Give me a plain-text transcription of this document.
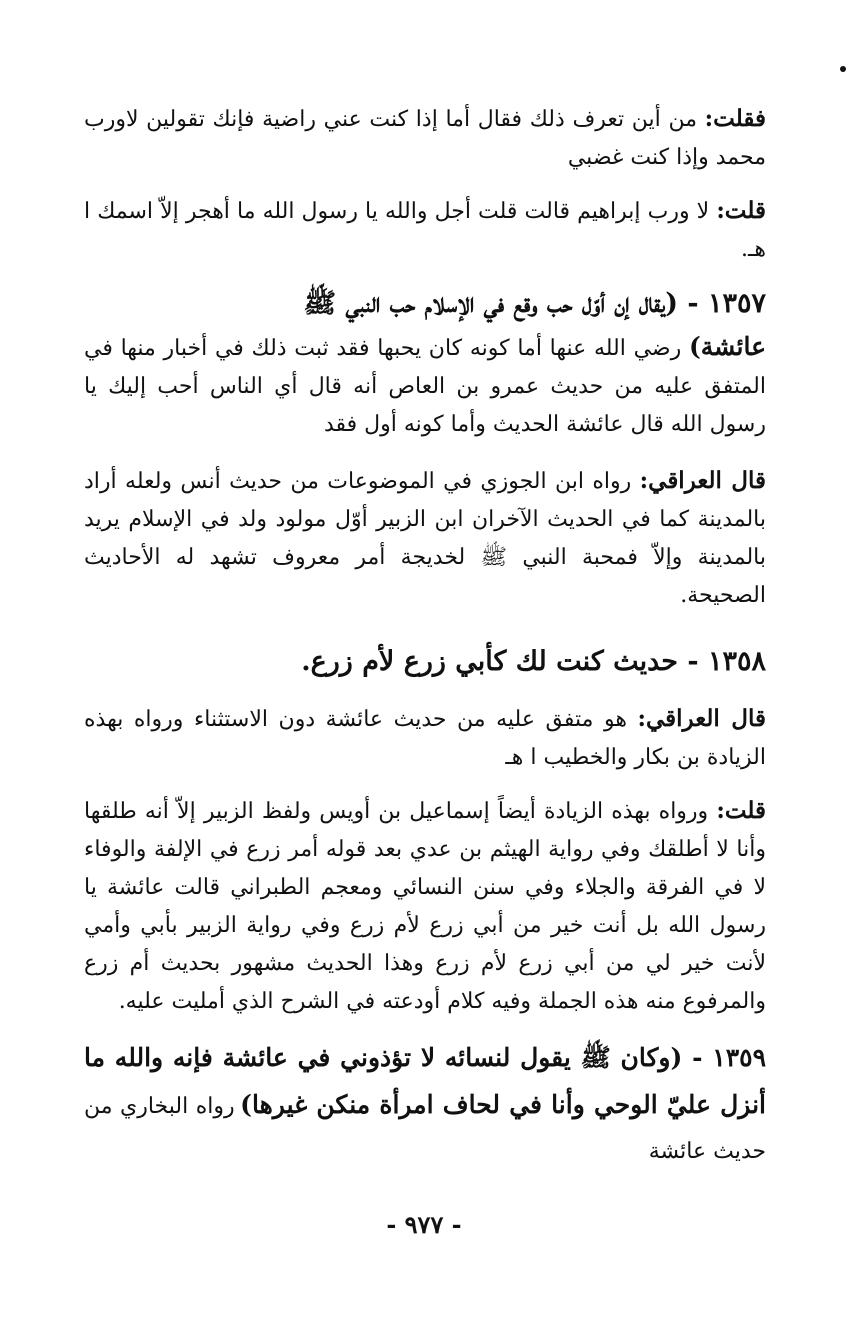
فقلت: من أين تعرف ذلك فقال أما إذا كنت عني راضية فإنك تقولين لاورب محمد وإذا كنت غضبي
قلت: لا ورب إبراهيم قالت قلت أجل والله يا رسول الله ما أهجر إلاّ اسمك ا هـ.
١٣٥٧ - (يقال إن أوّل حب وقع في الإسلام حب النبي ﷺ
عائشة) رضي الله عنها أما كونه كان يحبها فقد ثبت ذلك في أخبار منها في المتفق عليه من حديث عمرو بن العاص أنه قال أي الناس أحب إليك يا رسول الله قال عائشة الحديث وأما كونه أول فقد
قال العراقي: رواه ابن الجوزي في الموضوعات من حديث أنس ولعله أراد بالمدينة كما في الحديث الآخران ابن الزبير أوّل مولود ولد في الإسلام يريد بالمدينة وإلاّ فمحبة النبي ﷺ لخديجة أمر معروف تشهد له الأحاديث الصحيحة.
١٣٥٨ - حديث كنت لك كأبي زرع لأم زرع.
قال العراقي: هو متفق عليه من حديث عائشة دون الاستثناء ورواه بهذه الزيادة بن بكار والخطيب ا هـ
قلت: ورواه بهذه الزيادة أيضاً إسماعيل بن أويس ولفظ الزبير إلاّ أنه طلقها وأنا لا أطلقك وفي رواية الهيثم بن عدي بعد قوله أمر زرع في الإلفة والوفاء لا في الفرقة والجلاء وفي سنن النسائي ومعجم الطبراني قالت عائشة يا رسول الله بل أنت خير من أبي زرع لأم زرع وفي رواية الزبير بأبي وأمي لأنت خير لي من أبي زرع لأم زرع وهذا الحديث مشهور بحديث أم زرع والمرفوع منه هذه الجملة وفيه كلام أودعته في الشرح الذي أمليت عليه.
١٣٥٩ - (وكان ﷺ يقول لنسائه لا تؤذوني في عائشة فإنه والله ما أنزل عليّ الوحي وأنا في لحاف امرأة منكن غيرها) رواه البخاري من حديث عائشة
- ٩٧٧ -
